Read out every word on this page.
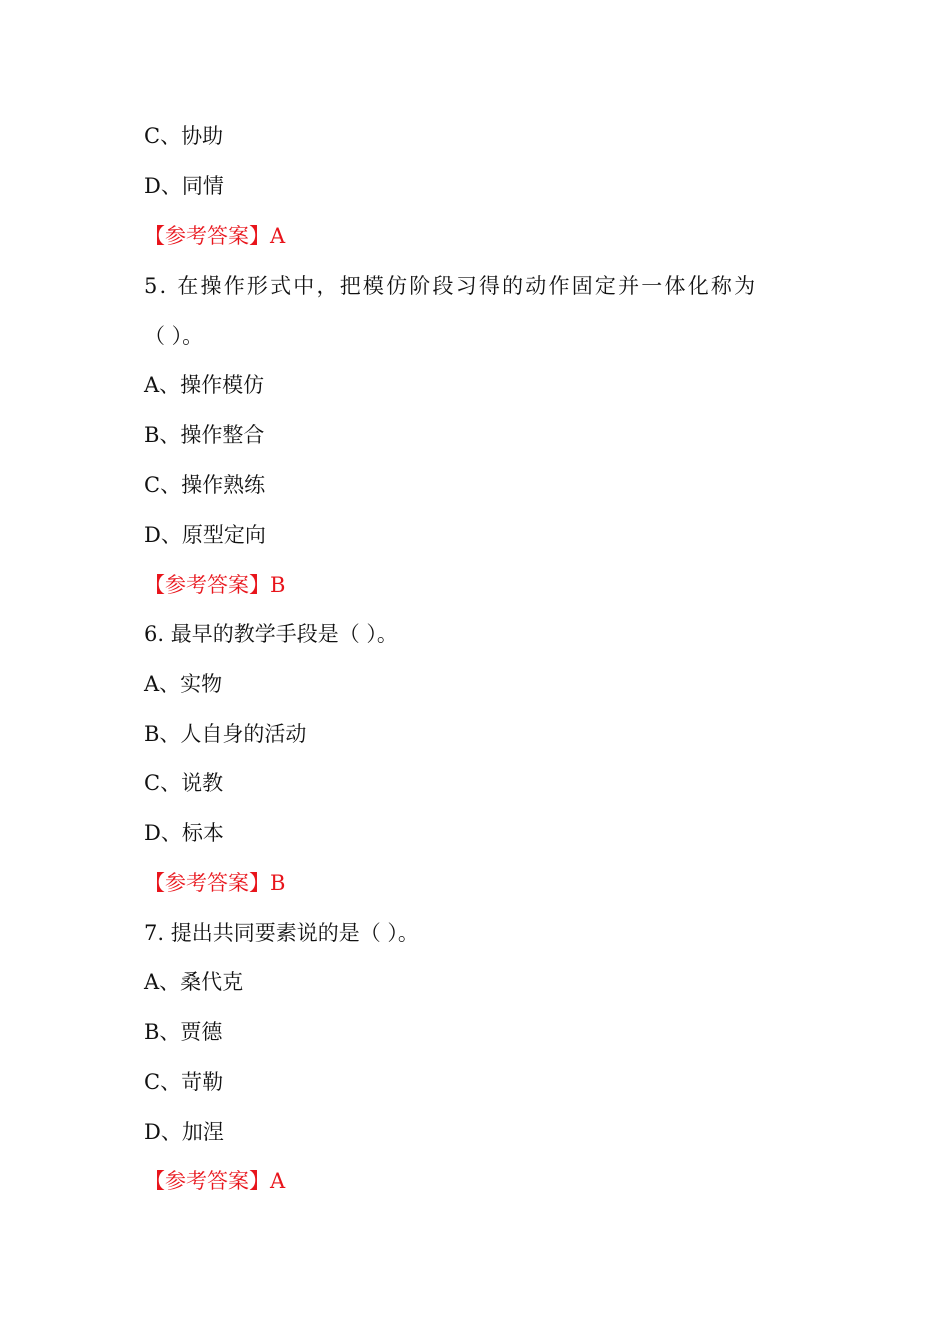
C、协助
D、同情
【参考答案】A
5. 在操作形式中，把模仿阶段习得的动作固定并一体化称为
（ ）。
A、操作模仿
B、操作整合
C、操作熟练
D、原型定向
【参考答案】B
6. 最早的教学手段是（ ）。
A、实物
B、人自身的活动
C、说教
D、标本
【参考答案】B
7. 提出共同要素说的是（ ）。
A、桑代克
B、贾德
C、苛勒
D、加涅
【参考答案】A
